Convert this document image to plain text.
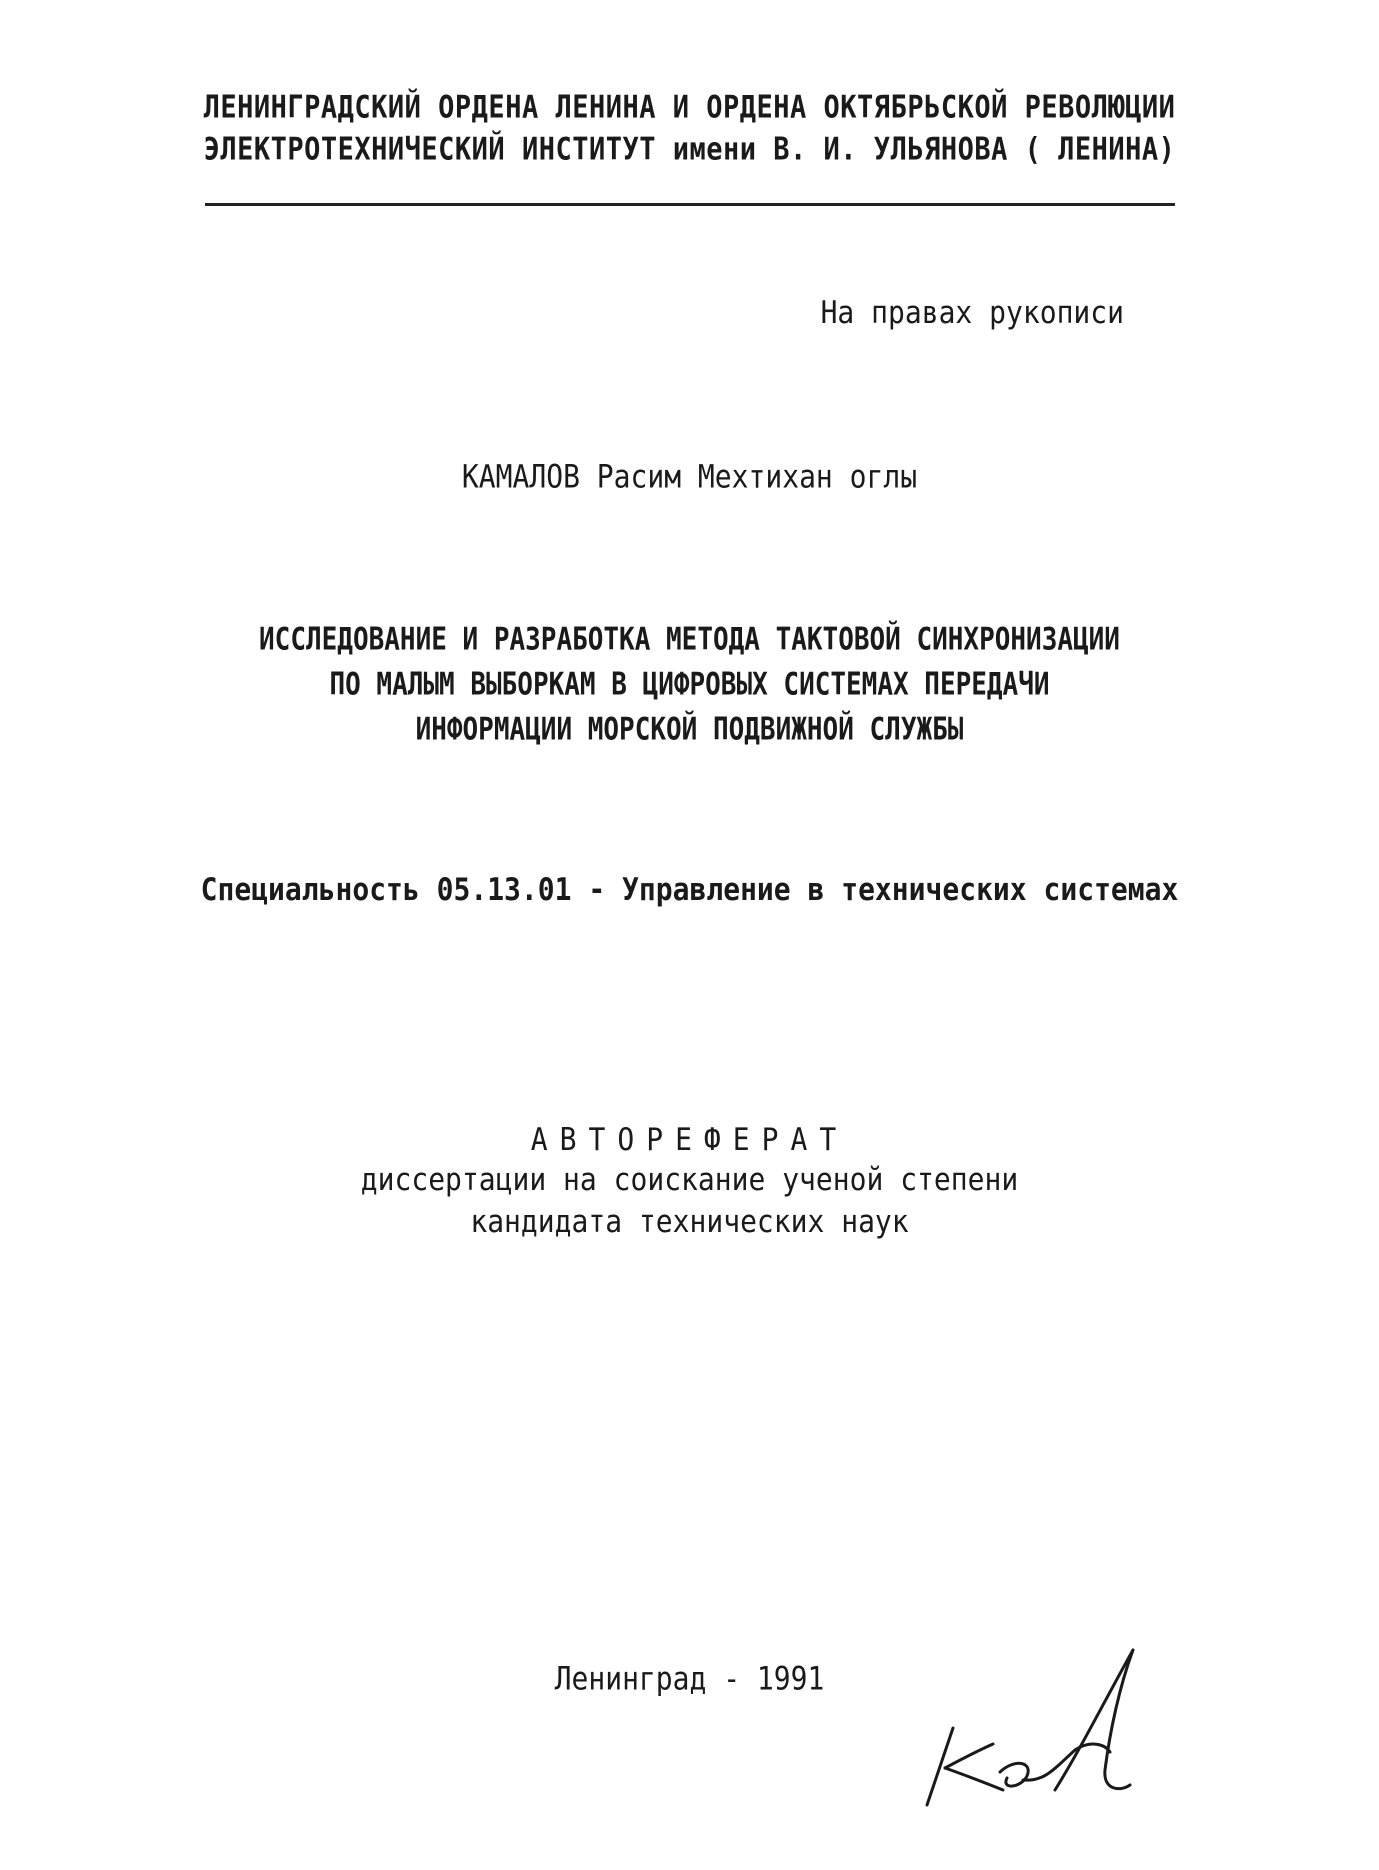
ЛЕНИНГРАДСКИЙ ОРДЕНА ЛЕНИНА И ОРДЕНА ОКТЯБРЬСКОЙ РЕВОЛЮЦИИ
ЭЛЕКТРОТЕХНИЧЕСКИЙ ИНСТИТУТ имени В. И. УЛЬЯНОВА ( ЛЕНИНА)
На правах рукописи
КАМАЛОВ Расим Мехтихан оглы
ИССЛЕДОВАНИЕ И РАЗРАБОТКА МЕТОДА ТАКТОВОЙ СИНХРОНИЗАЦИИ
ПО МАЛЫМ ВЫБОРКАМ В ЦИФРОВЫХ СИСТЕМАХ ПЕРЕДАЧИ
ИНФОРМАЦИИ МОРСКОЙ ПОДВИЖНОЙ СЛУЖБЫ
Специальность 05.13.01 - Управление в технических системах
АВТОРЕФЕРАТ
диссертации на соискание ученой степени
кандидата технических наук
Ленинград - 1991
